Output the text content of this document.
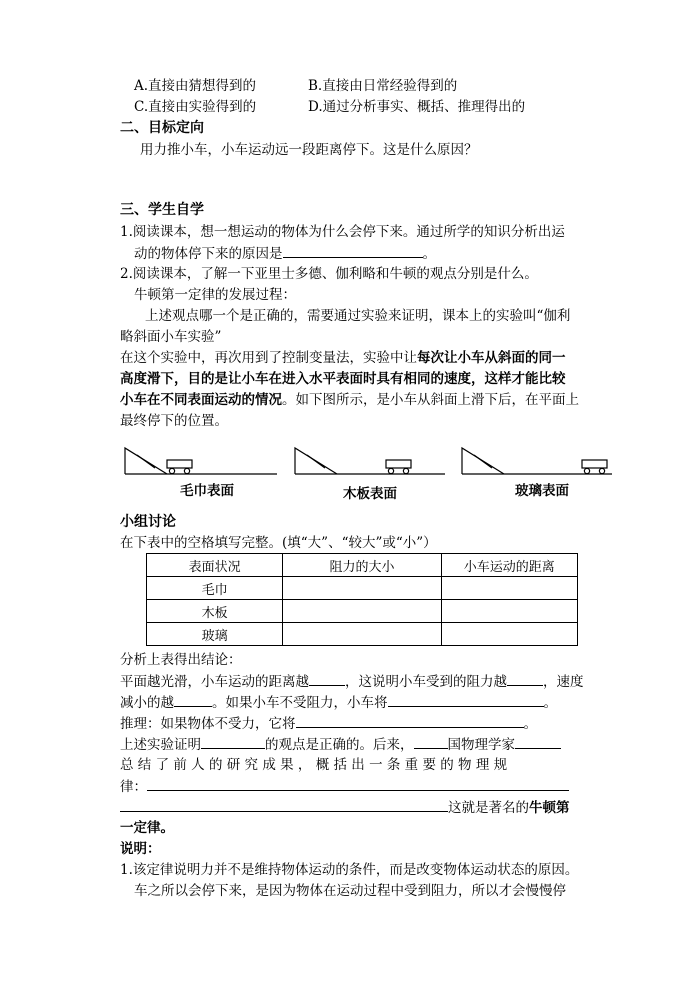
A.直接由猜想得到的	B.直接由日常经验得到的
C.直接由实验得到的	D.通过分析事实、概括、推理得出的
二、目标定向
用力推小车，小车运动远一段距离停下。这是什么原因？
三、学生自学
1.阅读课本，想一想运动的物体为什么会停下来。通过所学的知识分析出运
动的物体停下来的原因是	。
2.阅读课本，了解一下亚里士多德、伽利略和牛顿的观点分别是什么。
牛顿第一定律的发展过程：
上述观点哪一个是正确的，需要通过实验来证明，课本上的实验叫“伽利
略斜面小车实验”
在这个实验中，再次用到了控制变量法，实验中让每次让小车从斜面的同一
高度滑下，目的是让小车在进入水平表面时具有相同的速度，这样才能比较
小车在不同表面运动的情况。如下图所示，是小车从斜面上滑下后，在平面上
最终停下的位置。
毛巾表面	木板表面	玻璃表面
小组讨论
在下表中的空格填写完整。(填“大”、“较大”或“小”）
表面状况	阻力的大小	小车运动的距离
毛巾		
木板		
玻璃		
分析上表得出结论：
平面越光滑，小车运动的距离越	，这说明小车受到的阻力越	，速度
减小的越	。如果小车不受阻力，小车将	。
推理：如果物体不受力，它将	。
上述实验证明	的观点是正确的。后来，	国物理学家
总 结 了 前 人 的 研 究 成 果 ， 概 括 出 一 条 重 要 的 物 理 规
律：
这就是著名的牛顿第
一定律。
说明：
1.该定律说明力并不是维持物体运动的条件，而是改变物体运动状态的原因。
车之所以会停下来，是因为物体在运动过程中受到阻力，所以才会慢慢停
